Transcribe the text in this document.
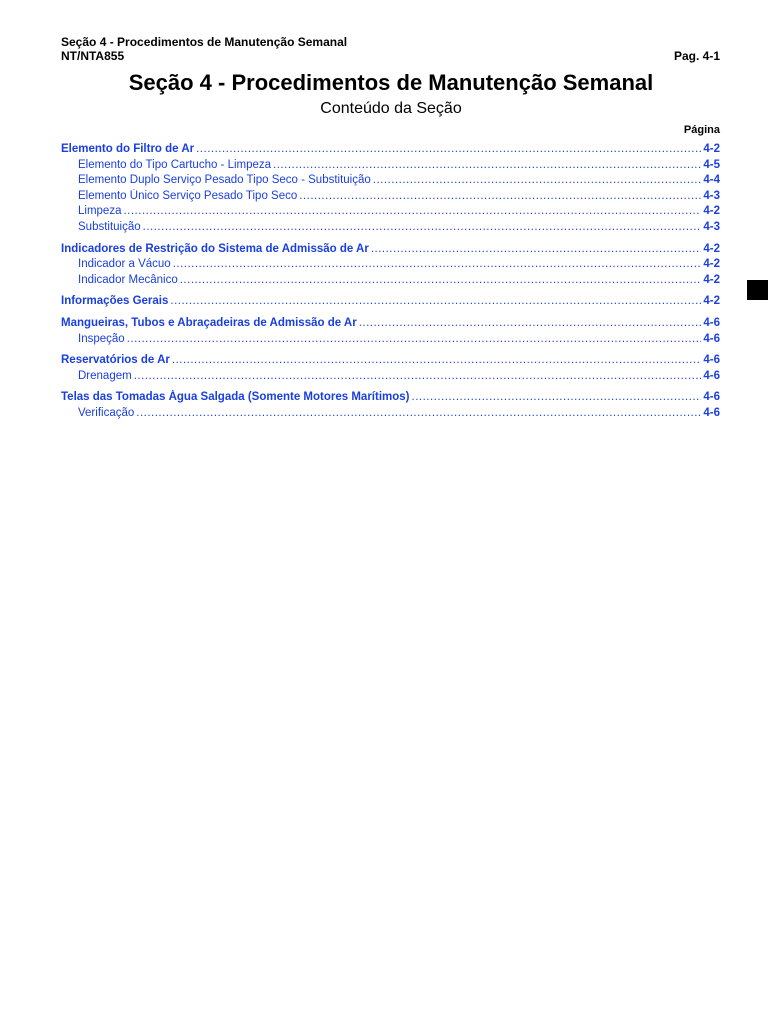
Seção 4 - Procedimentos de Manutenção Semanal
NT/NTA855	Pag. 4-1
Seção 4 - Procedimentos de Manutenção Semanal
Conteúdo da Seção
Página
Elemento do Filtro de Ar .....	4-2
Elemento do Tipo Cartucho - Limpeza .....	4-5
Elemento Duplo Serviço Pesado Tipo Seco - Substituição .....	4-4
Elemento Único Serviço Pesado Tipo Seco .....	4-3
Limpeza .....	4-2
Substituição .....	4-3
Indicadores de Restrição do Sistema de Admissão de Ar .....	4-2
Indicador a Vácuo .....	4-2
Indicador Mecânico .....	4-2
Informações Gerais .....	4-2
Mangueiras, Tubos e Abraçadeiras de Admissão de Ar .....	4-6
Inspeção .....	4-6
Reservatórios de Ar .....	4-6
Drenagem .....	4-6
Telas das Tomadas Água Salgada (Somente Motores Marítimos) .....	4-6
Verificação .....	4-6
